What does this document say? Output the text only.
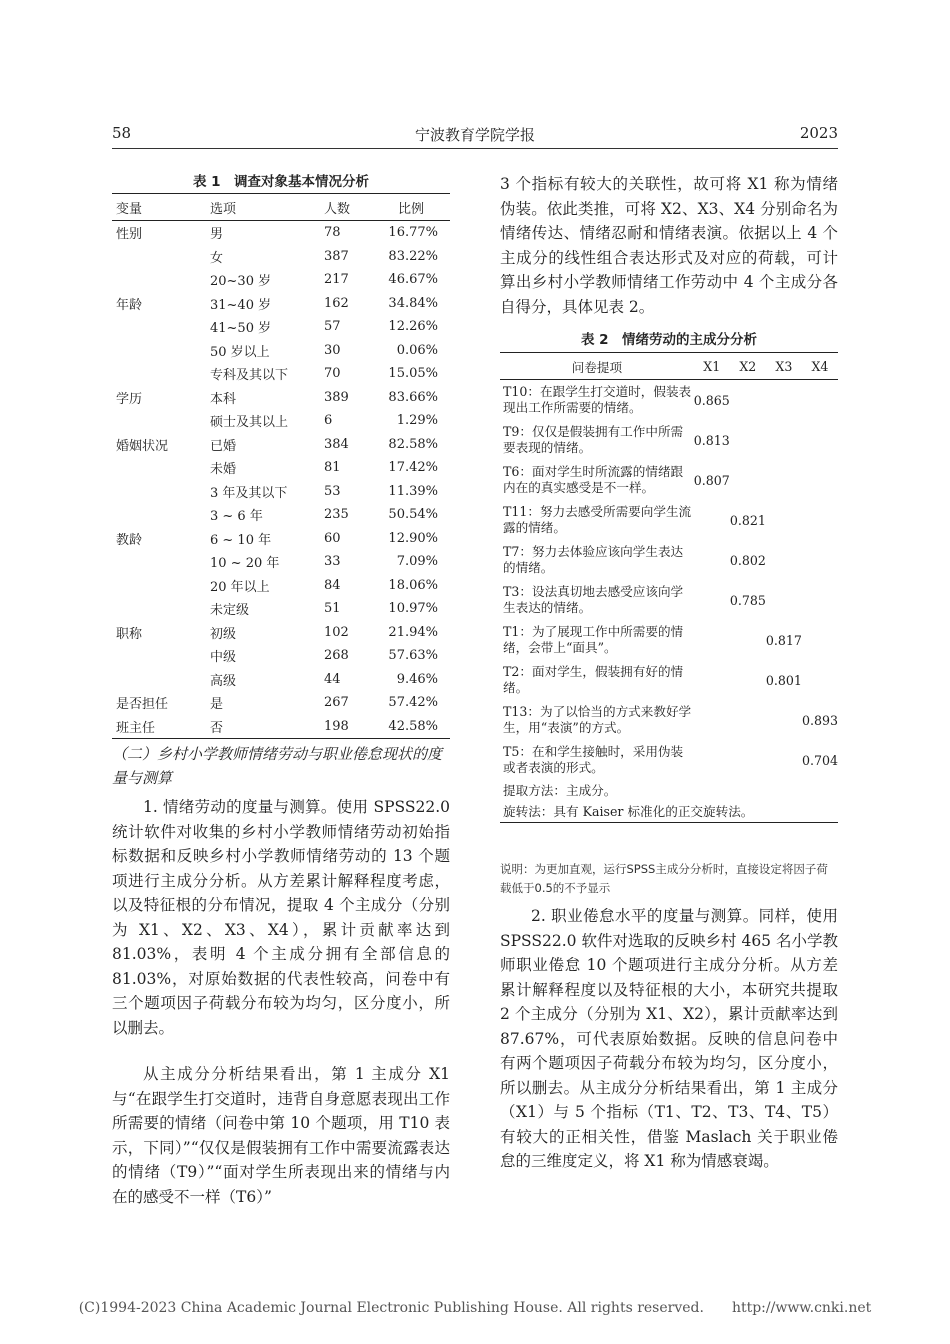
58	宁波教育学院学报	2023
表 1　调查对象基本情况分析
变量	选项	人数	比例
性别	男	78	16.77%
	女	387	83.22%
	20~30 岁	217	46.67%
年龄	31~40 岁	162	34.84%
	41~50 岁	57	12.26%
	50 岁以上	30	0.06%
	专科及其以下	70	15.05%
学历	本科	389	83.66%
	硕士及其以上	6	1.29%
婚姻状况	已婚	384	82.58%
	未婚	81	17.42%
	3 年及其以下	53	11.39%
	3 ~ 6 年	235	50.54%
教龄	6 ~ 10 年	60	12.90%
	10 ~ 20 年	33	7.09%
	20 年以上	84	18.06%
	未定级	51	10.97%
职称	初级	102	21.94%
	中级	268	57.63%
	高级	44	9.46%
是否担任	是	267	57.42%
班主任	否	198	42.58%
（二）乡村小学教师情绪劳动与职业倦怠现状的度量与测算
1. 情绪劳动的度量与测算。使用 SPSS22.0 统计软件对收集的乡村小学教师情绪劳动初始指标数据和反映乡村小学教师情绪劳动的 13 个题项进行主成分分析。从方差累计解释程度考虑，以及特征根的分布情况，提取 4 个主成分（分别为 X1、X2、X3、X4），累计贡献率达到 81.03%，表明 4 个主成分拥有全部信息的 81.03%，对原始数据的代表性较高，问卷中有三个题项因子荷载分布较为均匀，区分度小，所以删去。
从主成分分析结果看出，第 1 主成分 X1 与“在跟学生打交道时，违背自身意愿表现出工作所需要的情绪（问卷中第 10 个题项，用 T10 表示，下同）”“仅仅是假装拥有工作中需要流露表达的情绪（T9）”“面对学生所表现出来的情绪与内在的感受不一样（T6）”
3 个指标有较大的关联性，故可将 X1 称为情绪伪装。依此类推，可将 X2、X3、X4 分别命名为情绪传达、情绪忍耐和情绪表演。依据以上 4 个主成分的线性组合表达形式及对应的荷载，可计算出乡村小学教师情绪工作劳动中 4 个主成分各自得分，具体见表 2。
表 2　情绪劳动的主成分分析
问卷提项	X1	X2	X3	X4
T10：在跟学生打交道时，假装表现出工作所需要的情绪。	0.865			
T9：仅仅是假装拥有工作中所需要表现的情绪。	0.813			
T6：面对学生时所流露的情绪跟内在的真实感受是不一样。	0.807			
T11：努力去感受所需要向学生流露的情绪。		0.821		
T7：努力去体验应该向学生表达的情绪。		0.802		
T3：设法真切地去感受应该向学生表达的情绪。		0.785		
T1：为了展现工作中所需要的情绪，会带上“面具”。			0.817	
T2：面对学生，假装拥有好的情绪。			0.801	
T13：为了以恰当的方式来教好学生，用“表演”的方式。				0.893
T5：在和学生接触时，采用伪装或者表演的形式。				0.704
提取方法：主成分。				
旋转法：具有 Kaiser 标准化的正交旋转法。				
说明：为更加直观，运行SPSS主成分分析时，直接设定将因子荷载低于0.5的不予显示
2. 职业倦怠水平的度量与测算。同样，使用SPSS22.0 软件对选取的反映乡村 465 名小学教师职业倦怠 10 个题项进行主成分分析。从方差累计解释程度以及特征根的大小，本研究共提取 2 个主成分（分别为 X1、X2），累计贡献率达到 87.67%，可代表原始数据。反映的信息问卷中有两个题项因子荷载分布较为均匀，区分度小，所以删去。从主成分分析结果看出，第 1 主成分（X1）与 5 个指标（T1、T2、T3、T4、T5）有较大的正相关性，借鉴 Maslach 关于职业倦怠的三维度定义，将 X1 称为情感衰竭。
(C)1994-2023 China Academic Journal Electronic Publishing House. All rights reserved.　　http://www.cnki.net
